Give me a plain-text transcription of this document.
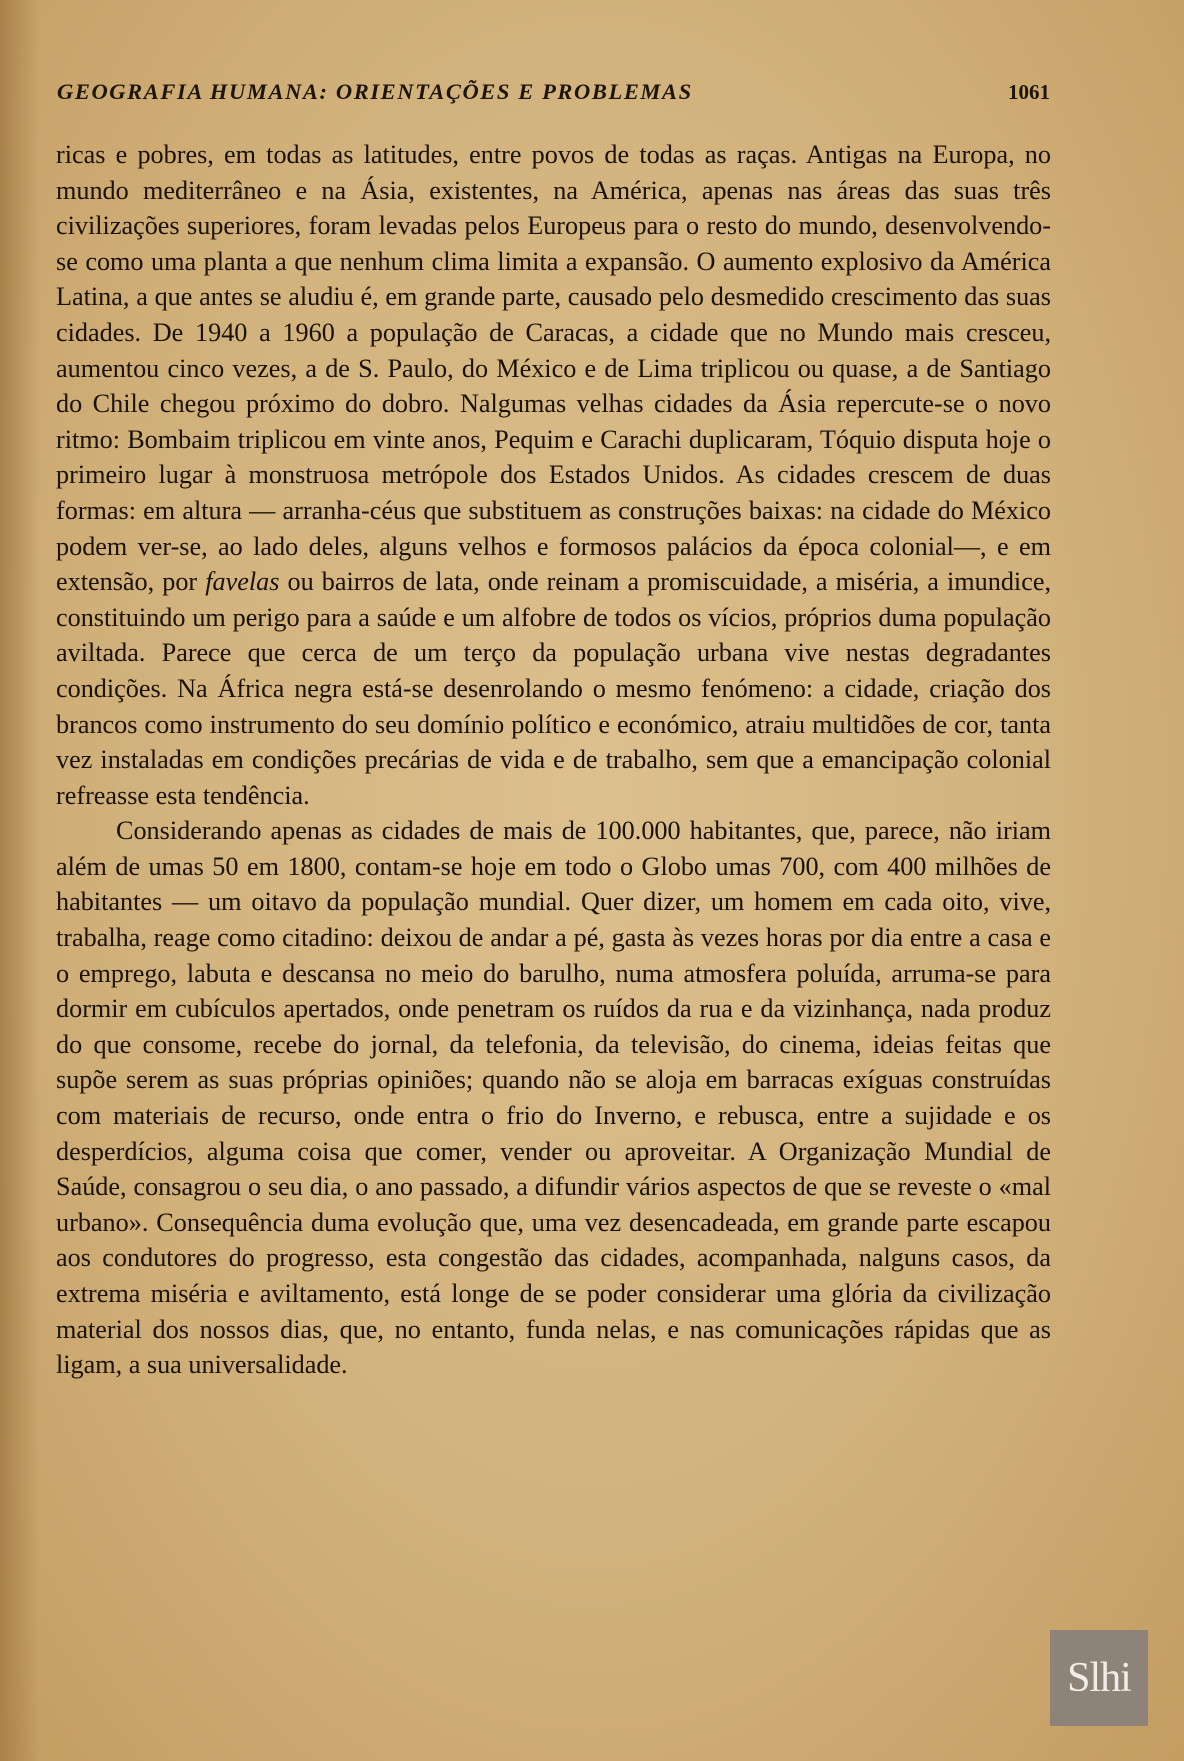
GEOGRAFIA HUMANA: ORIENTAÇÕES E PROBLEMAS	1061

ricas e pobres, em todas as latitudes, entre povos de todas as raças. Antigas na Europa, no mundo mediterrâneo e na Ásia, existentes, na América, apenas nas áreas das suas três civilizações superiores, foram levadas pelos Europeus para o resto do mundo, desenvolvendo-se como uma planta a que nenhum clima limita a expansão. O aumento explosivo da América Latina, a que antes se aludiu é, em grande parte, causado pelo desmedido crescimento das suas cidades. De 1940 a 1960 a população de Caracas, a cidade que no Mundo mais cresceu, aumentou cinco vezes, a de S. Paulo, do México e de Lima triplicou ou quase, a de Santiago do Chile chegou próximo do dobro. Nalgumas velhas cidades da Ásia repercute-se o novo ritmo: Bombaim triplicou em vinte anos, Pequim e Carachi duplicaram, Tóquio disputa hoje o primeiro lugar à monstruosa metrópole dos Estados Unidos. As cidades crescem de duas formas: em altura — arranha-céus que substituem as construções baixas: na cidade do México podem ver-se, ao lado deles, alguns velhos e formosos palácios da época colonial—, e em extensão, por favelas ou bairros de lata, onde reinam a promiscuidade, a miséria, a imundice, constituindo um perigo para a saúde e um alfobre de todos os vícios, próprios duma população aviltada. Parece que cerca de um terço da população urbana vive nestas degradantes condições. Na África negra está-se desenrolando o mesmo fenómeno: a cidade, criação dos brancos como instrumento do seu domínio político e económico, atraiu multidões de cor, tanta vez instaladas em condições precárias de vida e de trabalho, sem que a emancipação colonial refreasse esta tendência.

Considerando apenas as cidades de mais de 100.000 habitantes, que, parece, não iriam além de umas 50 em 1800, contam-se hoje em todo o Globo umas 700, com 400 milhões de habitantes — um oitavo da população mundial. Quer dizer, um homem em cada oito, vive, trabalha, reage como citadino: deixou de andar a pé, gasta às vezes horas por dia entre a casa e o emprego, labuta e descansa no meio do barulho, numa atmosfera poluída, arruma-se para dormir em cubículos apertados, onde penetram os ruídos da rua e da vizinhança, nada produz do que consome, recebe do jornal, da telefonia, da televisão, do cinema, ideias feitas que supõe serem as suas próprias opiniões; quando não se aloja em barracas exíguas construídas com materiais de recurso, onde entra o frio do Inverno, e rebusca, entre a sujidade e os desperdícios, alguma coisa que comer, vender ou aproveitar. A Organização Mundial de Saúde, consagrou o seu dia, o ano passado, a difundir vários aspectos de que se reveste o «mal urbano». Consequência duma evolução que, uma vez desencadeada, em grande parte escapou aos condutores do progresso, esta congestão das cidades, acompanhada, nalguns casos, da extrema miséria e aviltamento, está longe de se poder considerar uma glória da civilização material dos nossos dias, que, no entanto, funda nelas, e nas comunicações rápidas que as ligam, a sua universalidade.

Slhi
